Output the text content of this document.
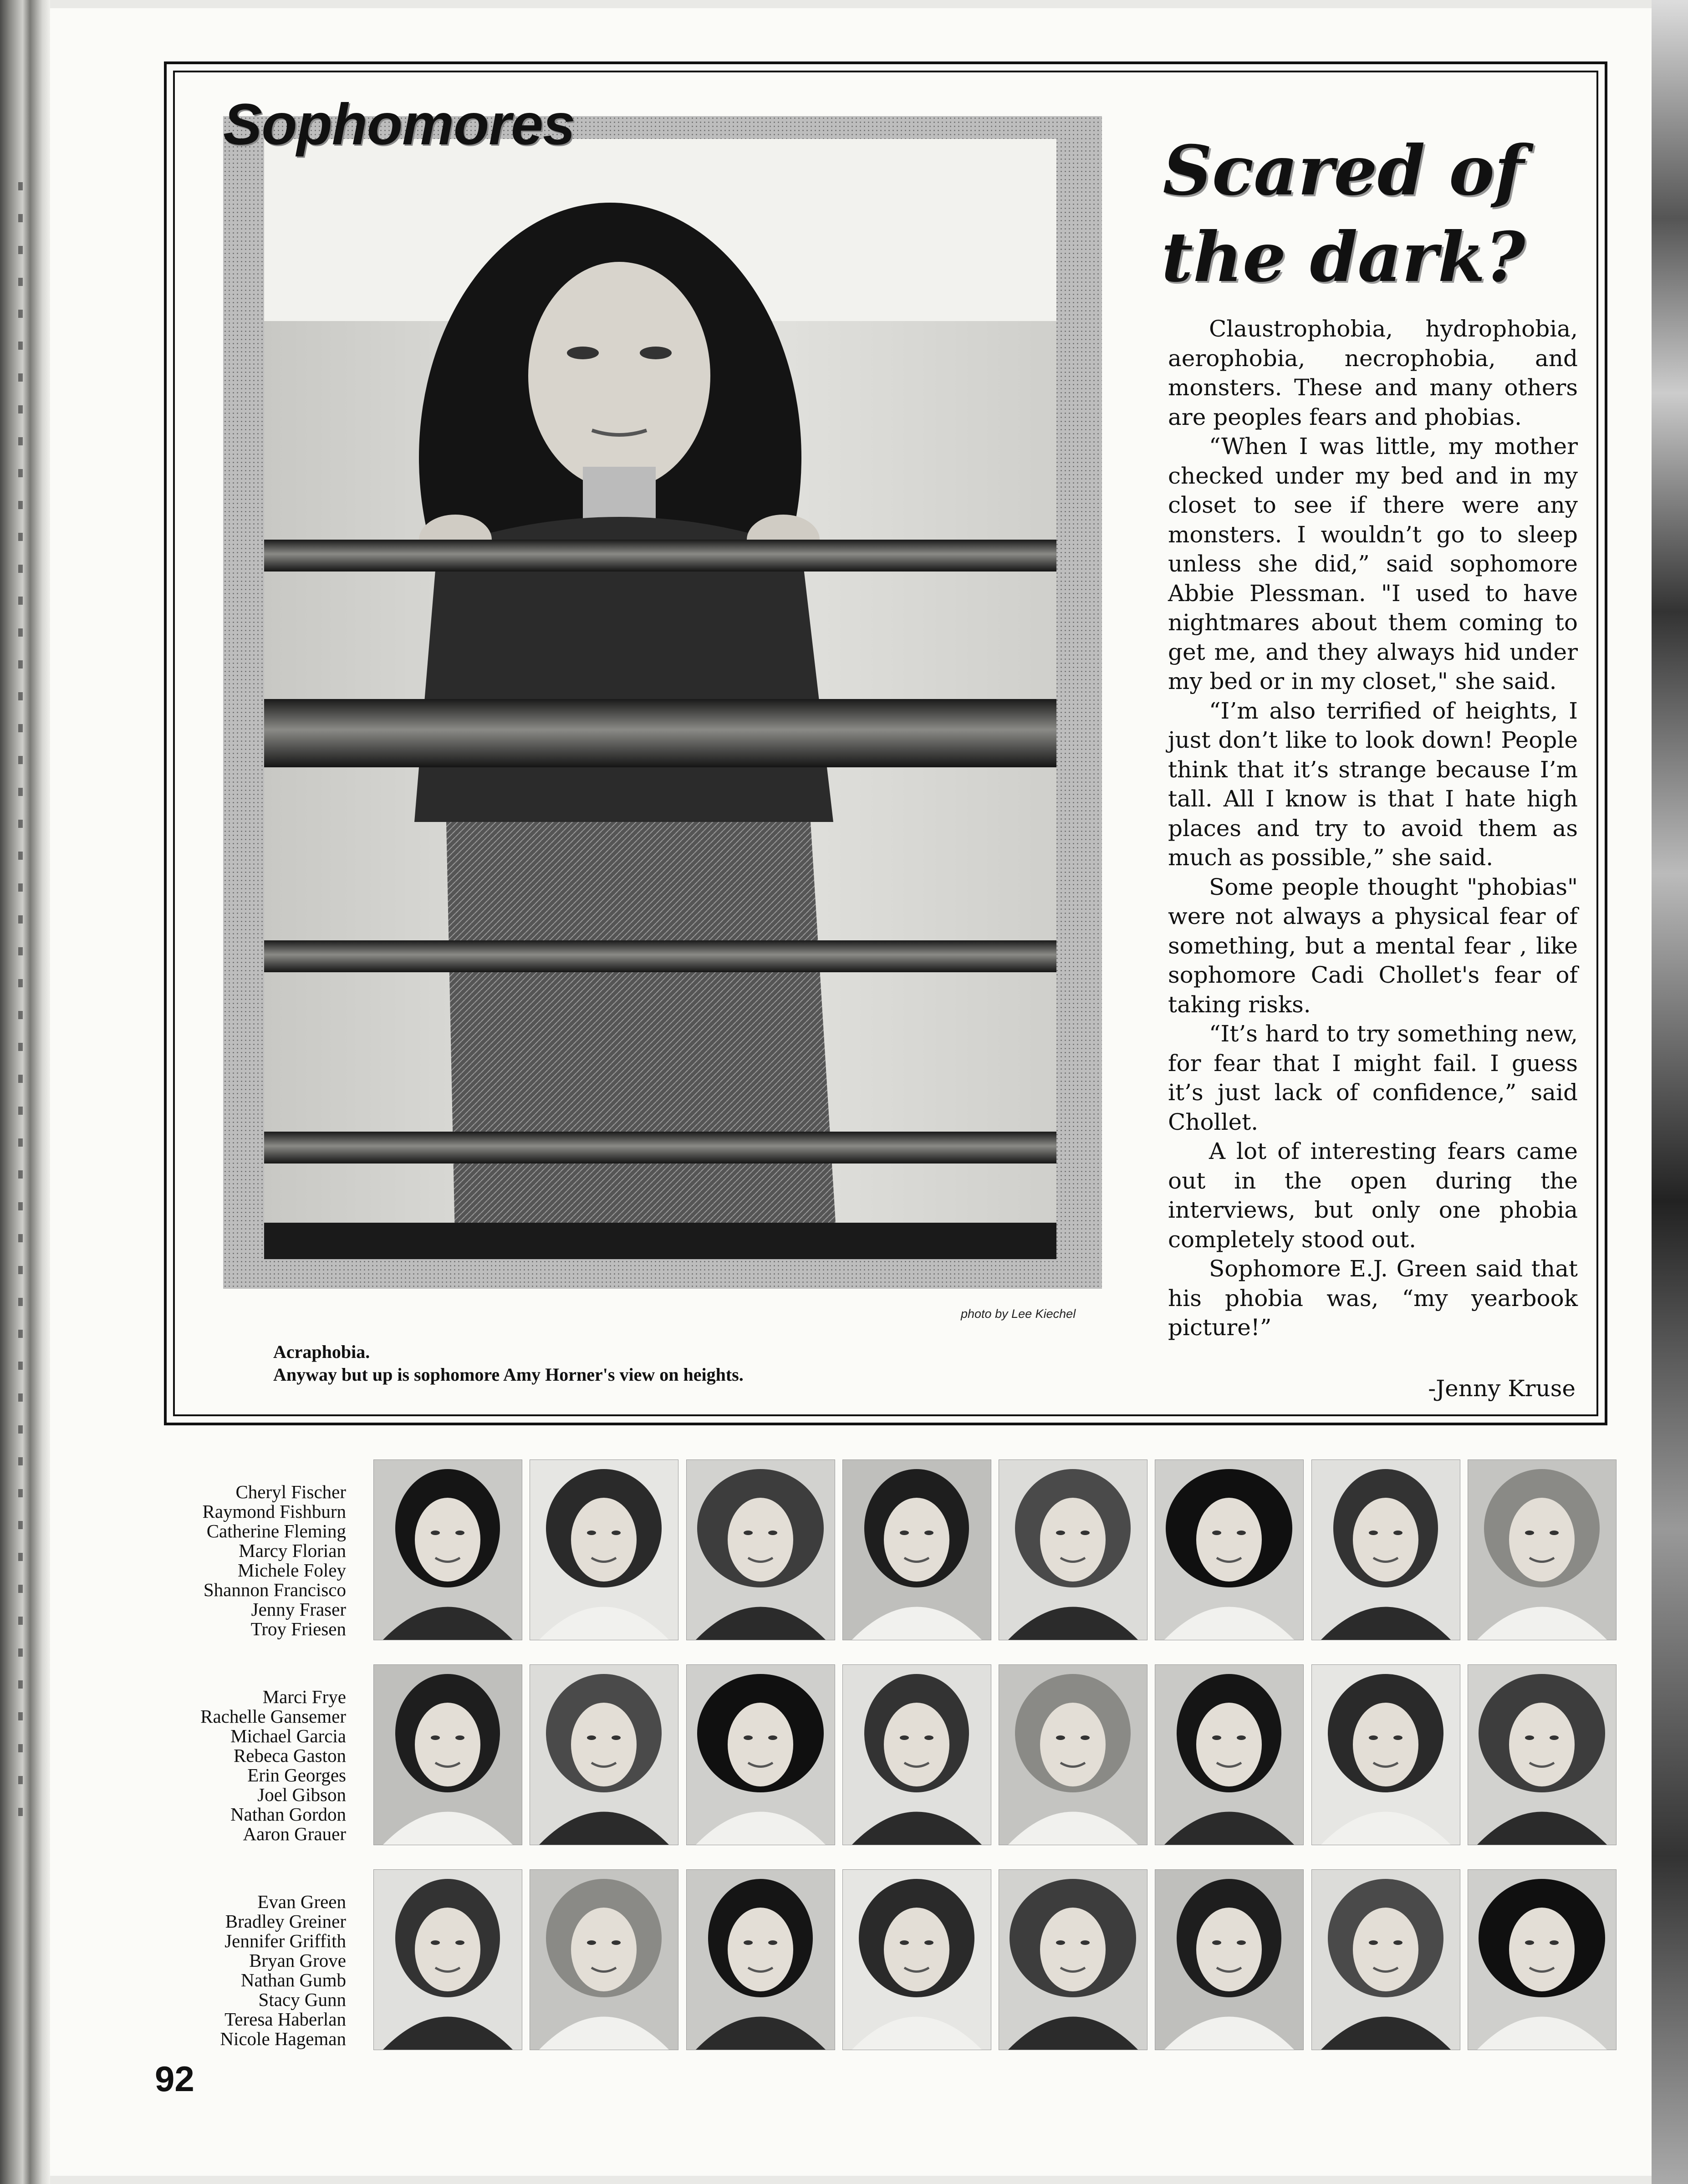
Sophomores
Scared of
the dark?

Claustrophobia, hydrophobia, aerophobia, necrophobia, and monsters. These and many others are peoples fears and phobias.

“When I was little, my mother checked under my bed and in my closet to see if there were any monsters. I wouldn’t go to sleep unless she did,” said sophomore Abbie Plessman. "I used to have nightmares about them coming to get me, and they always hid under my bed or in my closet," she said.

“I’m also terrified of heights, I just don’t like to look down! People think that it’s strange because I’m tall. All I know is that I hate high places and try to avoid them as much as possible,” she said.

Some people thought "phobias" were not always a physical fear of something, but a mental fear , like sophomore Cadi Chollet's fear of taking risks.

“It’s hard to try something new, for fear that I might fail. I guess it’s just lack of confidence,” said Chollet.

A lot of interesting fears came out in the open during the interviews, but only one phobia completely stood out.

Sophomore E.J. Green said that his phobia was, “my yearbook picture!”

-Jenny Kruse
photo by Lee Kiechel
Acraphobia.
Anyway but up is sophomore Amy Horner's view on heights.
Cheryl Fischer
Raymond Fishburn
Catherine Fleming
Marcy Florian
Michele Foley
Shannon Francisco
Jenny Fraser
Troy Friesen
Marci Frye
Rachelle Gansemer
Michael Garcia
Rebeca Gaston
Erin Georges
Joel Gibson
Nathan Gordon
Aaron Grauer
Evan Green
Bradley Greiner
Jennifer Griffith
Bryan Grove
Nathan Gumb
Stacy Gunn
Teresa Haberlan
Nicole Hageman
92
